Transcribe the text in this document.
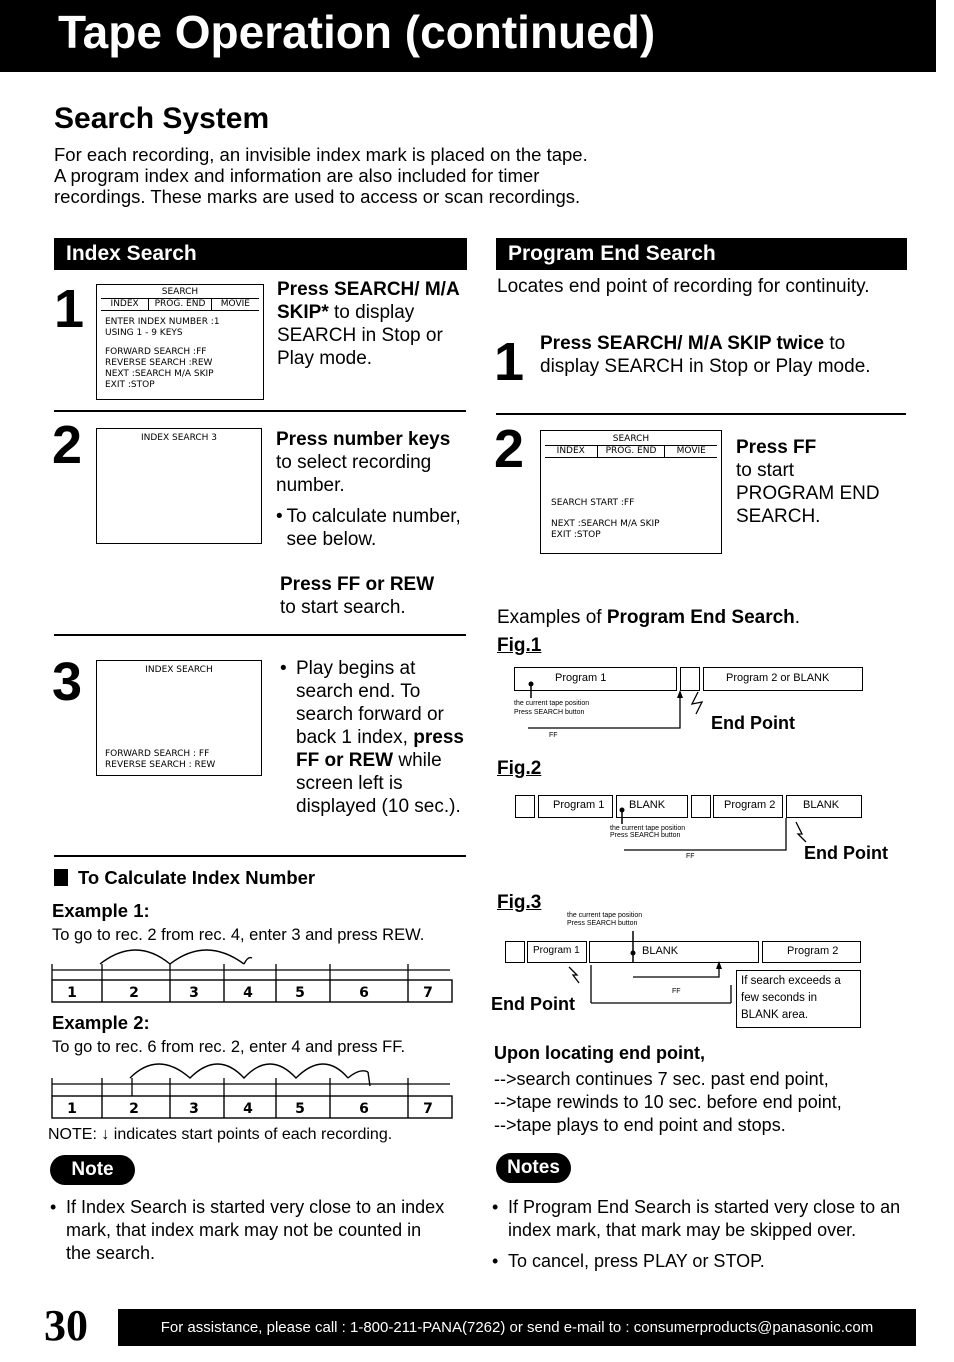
Tape Operation (continued)
Search System
For each recording, an invisible index mark is placed on the tape. A program index and information are also included for timer recordings. These marks are used to access or scan recordings.
Index Search
1	SEARCH
INDEX	PROG. END	MOVIE
ENTER INDEX NUMBER :1
USING 1 - 9 KEYS
FORWARD SEARCH :FF
REVERSE SEARCH :REW
NEXT :SEARCH M/A SKIP
EXIT :STOP
Press SEARCH/ M/A SKIP* to display SEARCH in Stop or Play mode.
2	INDEX SEARCH 3	Press number keys
to select recording number.
• To calculate number, see below.
Press FF or REW
to start search.
3	INDEX SEARCH
FORWARD SEARCH : FF
REVERSE SEARCH : REW
• Play begins at search end. To search forward or back 1 index, press FF or REW while screen left is displayed (10 sec.).
To Calculate Index Number
Example 1:
To go to rec. 2 from rec. 4, enter 3 and press REW.
1	2	3	4	5	6	7
Example 2:
To go to rec. 6 from rec. 2, enter 4 and press FF.
1	2	3	4	5	6	7
NOTE: ↓ indicates start points of each recording.
Note
• If Index Search is started very close to an index mark, that index mark may not be counted in the search.
Program End Search
Locates end point of recording for continuity.
1 Press SEARCH/ M/A SKIP twice to display SEARCH in Stop or Play mode.
2	SEARCH
INDEX	PROG. END	MOVIE
SEARCH START :FF
NEXT :SEARCH M/A SKIP
EXIT :STOP
Press FF
to start PROGRAM END SEARCH.
Examples of Program End Search.
Fig.1
Program 1	Program 2 or BLANK
the current tape position
Press SEARCH button
FF
End Point
Fig.2
Program 1 BLANK	Program 2	BLANK
the current tape position
Press SEARCH button
FF	End Point
Fig.3
the current tape position
Press SEARCH button
Program 1	BLANK	Program 2
FF
End Point
If search exceeds a few seconds in BLANK area.
Upon locating end point,
-->search continues 7 sec. past end point,
-->tape rewinds to 10 sec. before end point,
-->tape plays to end point and stops.
Notes
• If Program End Search is started very close to an index mark, that mark may be skipped over.
• To cancel, press PLAY or STOP.
30	For assistance, please call : 1-800-211-PANA(7262) or send e-mail to : consumerproducts@panasonic.com
